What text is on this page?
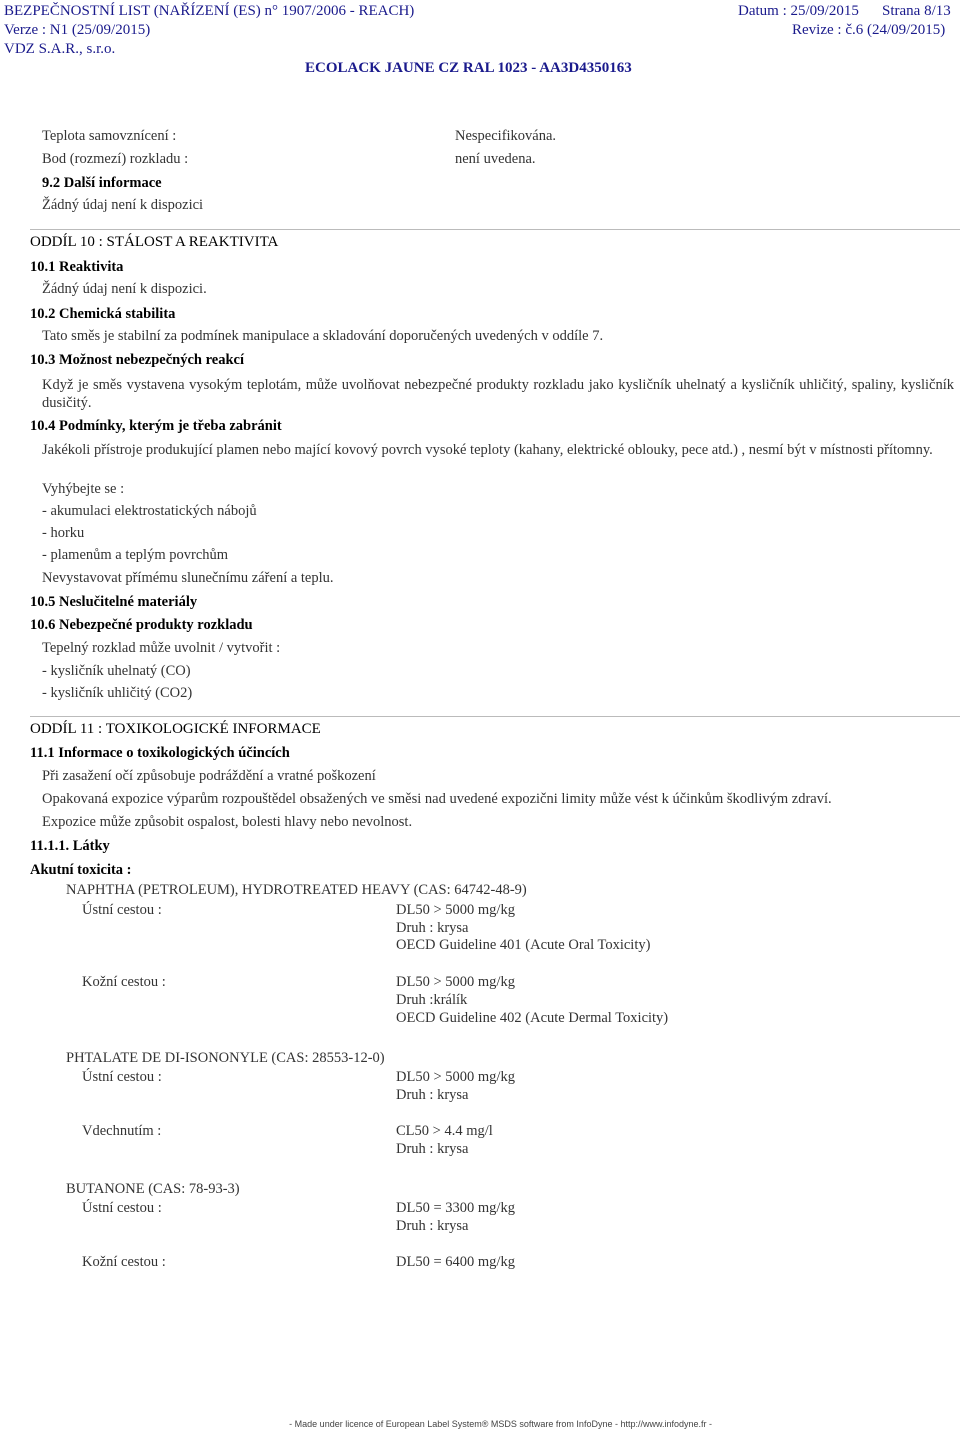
BEZPEČNOSTNÍ LIST (NAŘÍZENÍ (ES) n° 1907/2006 - REACH)	Datum : 25/09/2015 Strana 8/13
Verze : N1 (25/09/2015)	Revize : č.6 (24/09/2015)
VDZ S.A.R., s.r.o.
ECOLACK JAUNE CZ RAL 1023 - AA3D4350163
Teplota samovznícení :	Nespecifikována.
Bod (rozmezí) rozkladu :	není uvedena.
9.2 Další informace
Žádný údaj není k dispozici
ODDÍL 10 : STÁLOST A REAKTIVITA
10.1 Reaktivita
Žádný údaj není k dispozici.
10.2 Chemická stabilita
Tato směs je stabilní za podmínek manipulace a skladování doporučených uvedených v oddíle 7.
10.3 Možnost nebezpečných reakcí
Když je směs vystavena vysokým teplotám, může uvolňovat nebezpečné produkty rozkladu jako kysličník uhelnatý a kysličník uhličitý, spaliny, kysličník dusičitý.
10.4 Podmínky, kterým je třeba zabránit
Jakékoli přístroje produkující plamen nebo mající kovový povrch vysoké teploty (kahany, elektrické oblouky, pece atd.) , nesmí být v místnosti přítomny.
Vyhýbejte se :
- akumulaci elektrostatických nábojů
- horku
- plamenům a teplým povrchům
Nevystavovat přímému slunečnímu záření a teplu.
10.5 Neslučitelné materiály
10.6 Nebezpečné produkty rozkladu
Tepelný rozklad může uvolnit / vytvořit :
- kysličník uhelnatý (CO)
- kysličník uhličitý (CO2)
ODDÍL 11 : TOXIKOLOGICKÉ INFORMACE
11.1 Informace o toxikologických účincích
Při zasažení očí způsobuje podráždění a vratné poškození
Opakovaná expozice výparům rozpouštědel obsažených ve směsi nad uvedené expozični limity může vést k účinkům škodlivým zdraví.
Expozice může způsobit ospalost, bolesti hlavy nebo nevolnost.
11.1.1. Látky
Akutní toxicita :
NAPHTHA (PETROLEUM), HYDROTREATED HEAVY (CAS: 64742-48-9)
Ústní cestou :	DL50 > 5000 mg/kg
Druh : krysa
OECD Guideline 401 (Acute Oral Toxicity)
Kožní cestou :	DL50 > 5000 mg/kg
Druh :králík
OECD Guideline 402 (Acute Dermal Toxicity)
PHTALATE DE DI-ISONONYLE (CAS: 28553-12-0)
Ústní cestou :	DL50 > 5000 mg/kg
Druh : krysa
Vdechnutím :	CL50 > 4.4 mg/l
Druh : krysa
BUTANONE (CAS: 78-93-3)
Ústní cestou :	DL50 = 3300 mg/kg
Druh : krysa
Kožní cestou :	DL50 = 6400 mg/kg
- Made under licence of European Label System® MSDS software from InfoDyne - http://www.infodyne.fr -
